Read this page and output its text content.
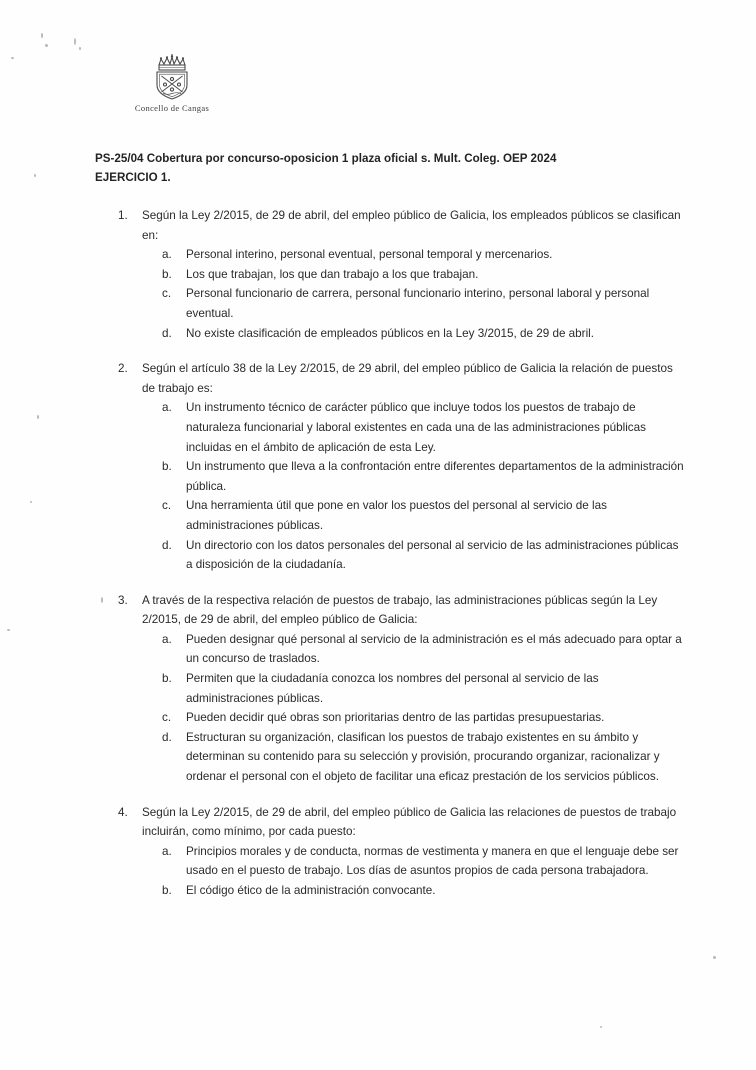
Concello de Cangas
PS-25/04 Cobertura por concurso-oposicion 1 plaza oficial s. Mult. Coleg. OEP 2024
EJERCICIO 1.
1.	Según la Ley 2/2015, de 29 de abril, del empleo público de Galicia, los empleados públicos se clasifican en:
a.	Personal interino, personal eventual, personal temporal y mercenarios.
b.	Los que trabajan, los que dan trabajo a los que trabajan.
c.	Personal funcionario de carrera, personal funcionario interino, personal laboral y personal eventual.
d.	No existe clasificación de empleados públicos en la Ley 3/2015, de 29 de abril.
2.	Según el artículo 38 de la Ley 2/2015, de 29 abril, del empleo público de Galicia la relación de puestos de trabajo es:
a.	Un instrumento técnico de carácter público que incluye todos los puestos de trabajo de naturaleza funcionarial y laboral existentes en cada una de las administraciones públicas incluidas en el ámbito de aplicación de esta Ley.
b.	Un instrumento que lleva a la confrontación entre diferentes departamentos de la administración pública.
c.	Una herramienta útil que pone en valor los puestos del personal al servicio de las administraciones públicas.
d.	Un directorio con los datos personales del personal al servicio de las administraciones públicas a disposición de la ciudadanía.
3.	A través de la respectiva relación de puestos de trabajo, las administraciones públicas según la Ley 2/2015, de 29 de abril, del empleo público de Galicia:
a.	Pueden designar qué personal al servicio de la administración es el más adecuado para optar a un concurso de traslados.
b.	Permiten que la ciudadanía conozca los nombres del personal al servicio de las administraciones públicas.
c.	Pueden decidir qué obras son prioritarias dentro de las partidas presupuestarias.
d.	Estructuran su organización, clasifican los puestos de trabajo existentes en su ámbito y determinan su contenido para su selección y provisión, procurando organizar, racionalizar y ordenar el personal con el objeto de facilitar una eficaz prestación de los servicios públicos.
4.	Según la Ley 2/2015, de 29 de abril, del empleo público de Galicia las relaciones de puestos de trabajo incluirán, como mínimo, por cada puesto:
a.	Principios morales y de conducta, normas de vestimenta y manera en que el lenguaje debe ser usado en el puesto de trabajo. Los días de asuntos propios de cada persona trabajadora.
b.	El código ético de la administración convocante.
